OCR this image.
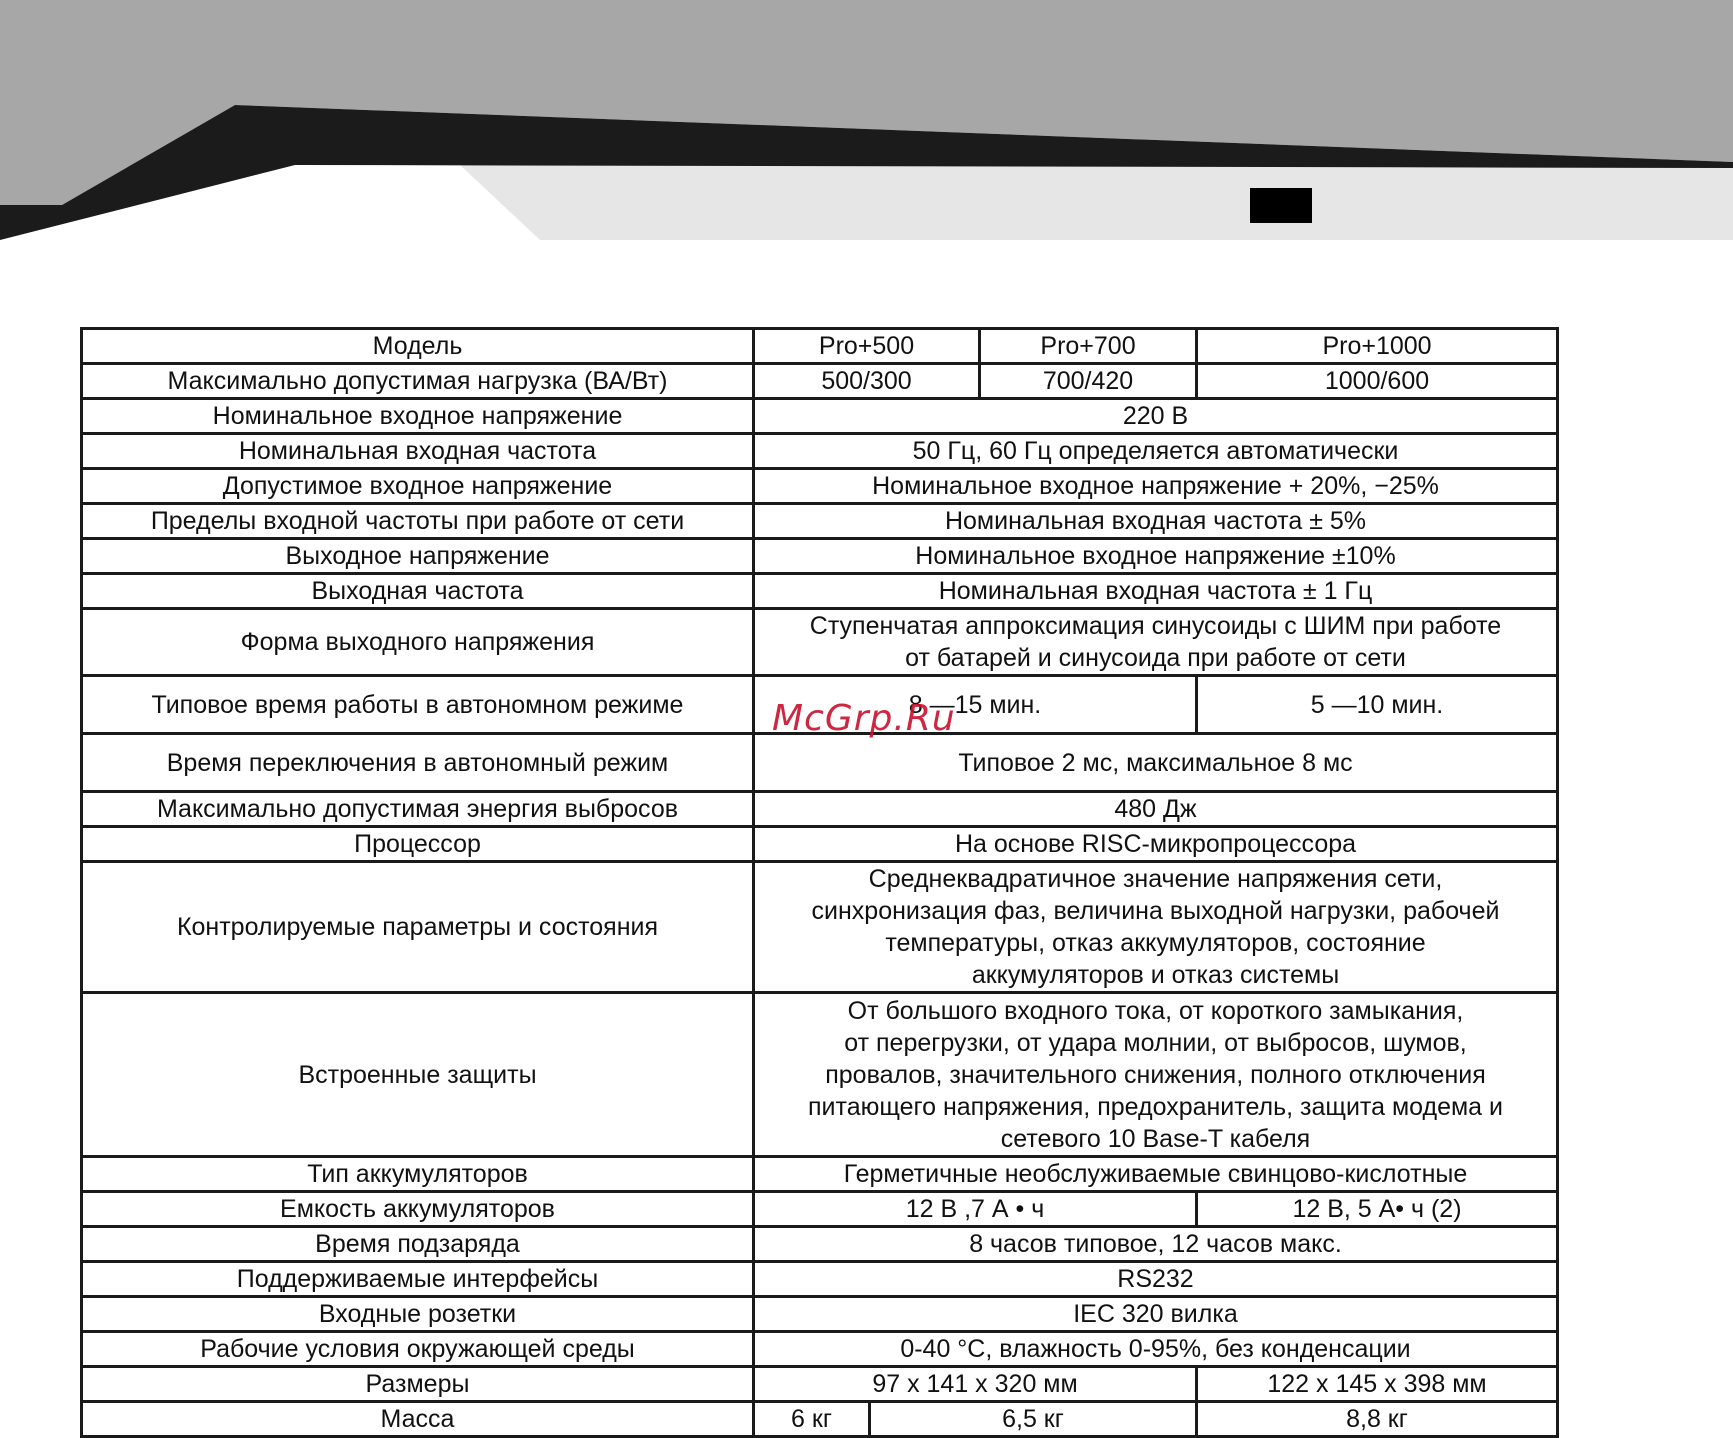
Модель	Pro+500		Pro+700	Pro+1000
Максимально допустимая нагрузка (ВА/Вт)	500/300		700/420	1000/600
Номинальное входное напряжение	220 В			
Номинальная входная частота	50 Гц, 60 Гц определяется автоматически			
Допустимое входное напряжение	Номинальное входное напряжение + 20%, −25%			
Пределы входной частоты при работе от сети	Номинальная входная частота ± 5%			
Выходное напряжение	Номинальное входное напряжение ±10%			
Выходная частота	Номинальная входная частота ± 1 Гц			
Форма выходного напряжения	Ступенчатая аппроксимация синусоиды с ШИМ при работе
от батарей и синусоида при работе от сети			

Типовое время работы в автономном режиме	8 —15 мин.			5 —10 мин.
Время переключения в автономный режим	Типовое 2 мс, максимальное 8 мс			
Максимально допустимая энергия выбросов	480 Дж			
Процессор	На основе RISC-микропроцессора			
Контролируемые параметры и состояния	Среднеквадратичное значение напряжения сети,
синхронизация фаз, величина выходной нагрузки, рабочей
температуры, отказ аккумуляторов, состояние
аккумуляторов и отказ системы			

Встроенные защиты	От большого входного тока, от короткого замыкания,
от перегрузки, от удара молнии, от выбросов, шумов,
провалов, значительного снижения, полного отключения
питающего напряжения, предохранитель, защита модема и
сетевого 10 Base-T кабеля			

Тип аккумуляторов	Герметичные необслуживаемые свинцово-кислотные			
Емкость аккумуляторов	12 В ,7 А • ч			12 В, 5 А• ч (2)
Время подзаряда	8 часов типовое, 12 часов макс.			
Поддерживаемые интерфейсы	RS232			
Входные розетки	IEC 320 вилка			
Рабочие условия окружающей среды	0-40 °С, влажность 0-95%, без конденсации			
Размеры	97 х 141 х 320 мм			122 х 145 х 398 мм
Масса	6 кг	6,5 кг		8,8 кг
McGrp.Ru
